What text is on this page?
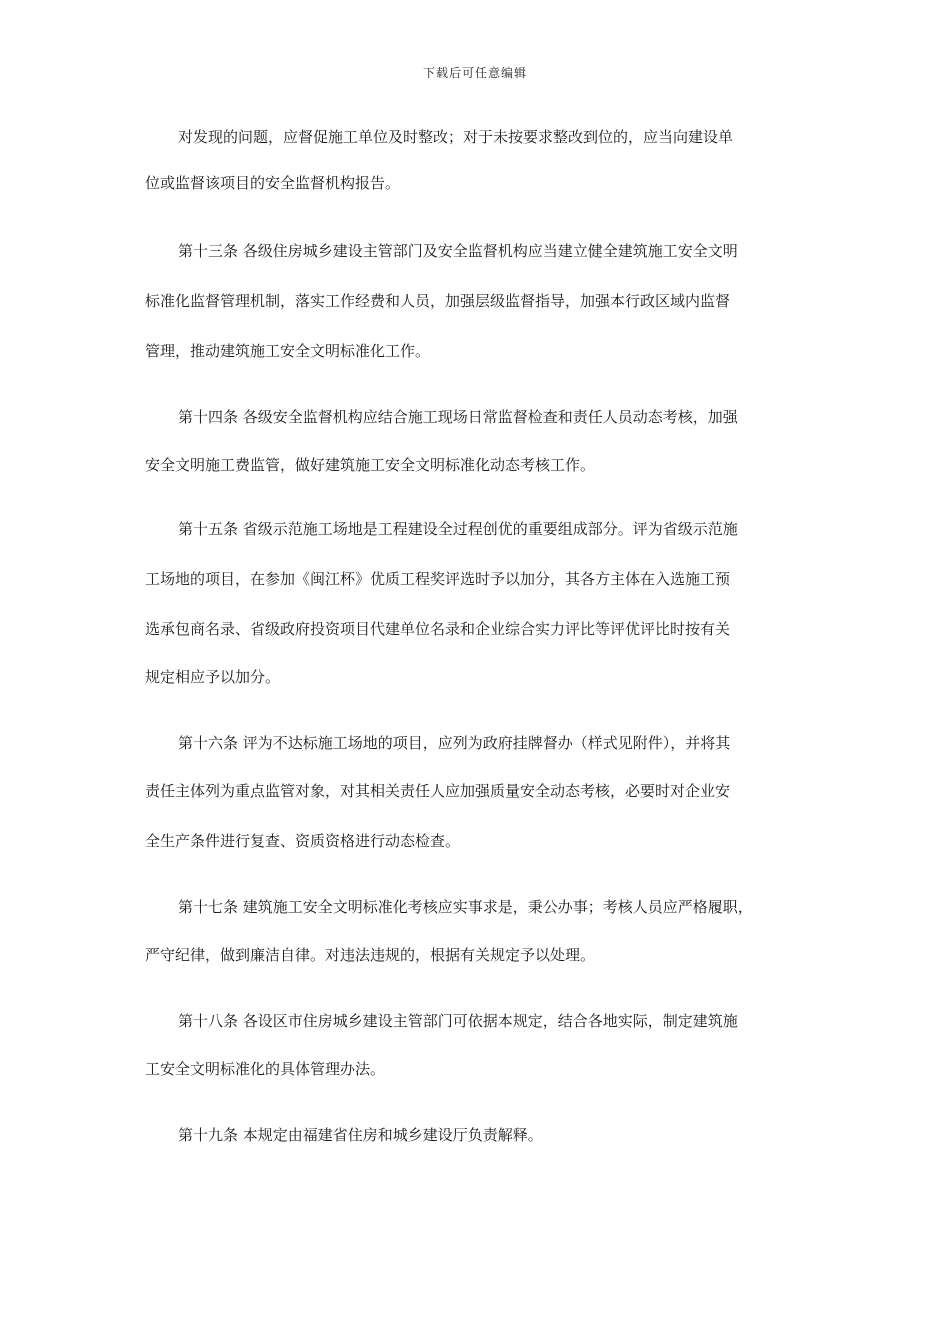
下载后可任意编辑
对发现的问题，应督促施工单位及时整改；对于未按要求整改到位的，应当向建设单
位或监督该项目的安全监督机构报告。
第十三条 各级住房城乡建设主管部门及安全监督机构应当建立健全建筑施工安全文明
标准化监督管理机制，落实工作经费和人员，加强层级监督指导，加强本行政区域内监督
管理，推动建筑施工安全文明标准化工作。
第十四条 各级安全监督机构应结合施工现场日常监督检查和责任人员动态考核，加强
安全文明施工费监管，做好建筑施工安全文明标准化动态考核工作。
第十五条 省级示范施工场地是工程建设全过程创优的重要组成部分。评为省级示范施
工场地的项目，在参加《闽江杯》优质工程奖评选时予以加分，其各方主体在入选施工预
选承包商名录、省级政府投资项目代建单位名录和企业综合实力评比等评优评比时按有关
规定相应予以加分。
第十六条 评为不达标施工场地的项目，应列为政府挂牌督办（样式见附件），并将其
责任主体列为重点监管对象，对其相关责任人应加强质量安全动态考核，必要时对企业安
全生产条件进行复查、资质资格进行动态检查。
第十七条 建筑施工安全文明标准化考核应实事求是，秉公办事；考核人员应严格履职，
严守纪律，做到廉洁自律。对违法违规的，根据有关规定予以处理。
第十八条 各设区市住房城乡建设主管部门可依据本规定，结合各地实际，制定建筑施
工安全文明标准化的具体管理办法。
第十九条 本规定由福建省住房和城乡建设厅负责解释。
